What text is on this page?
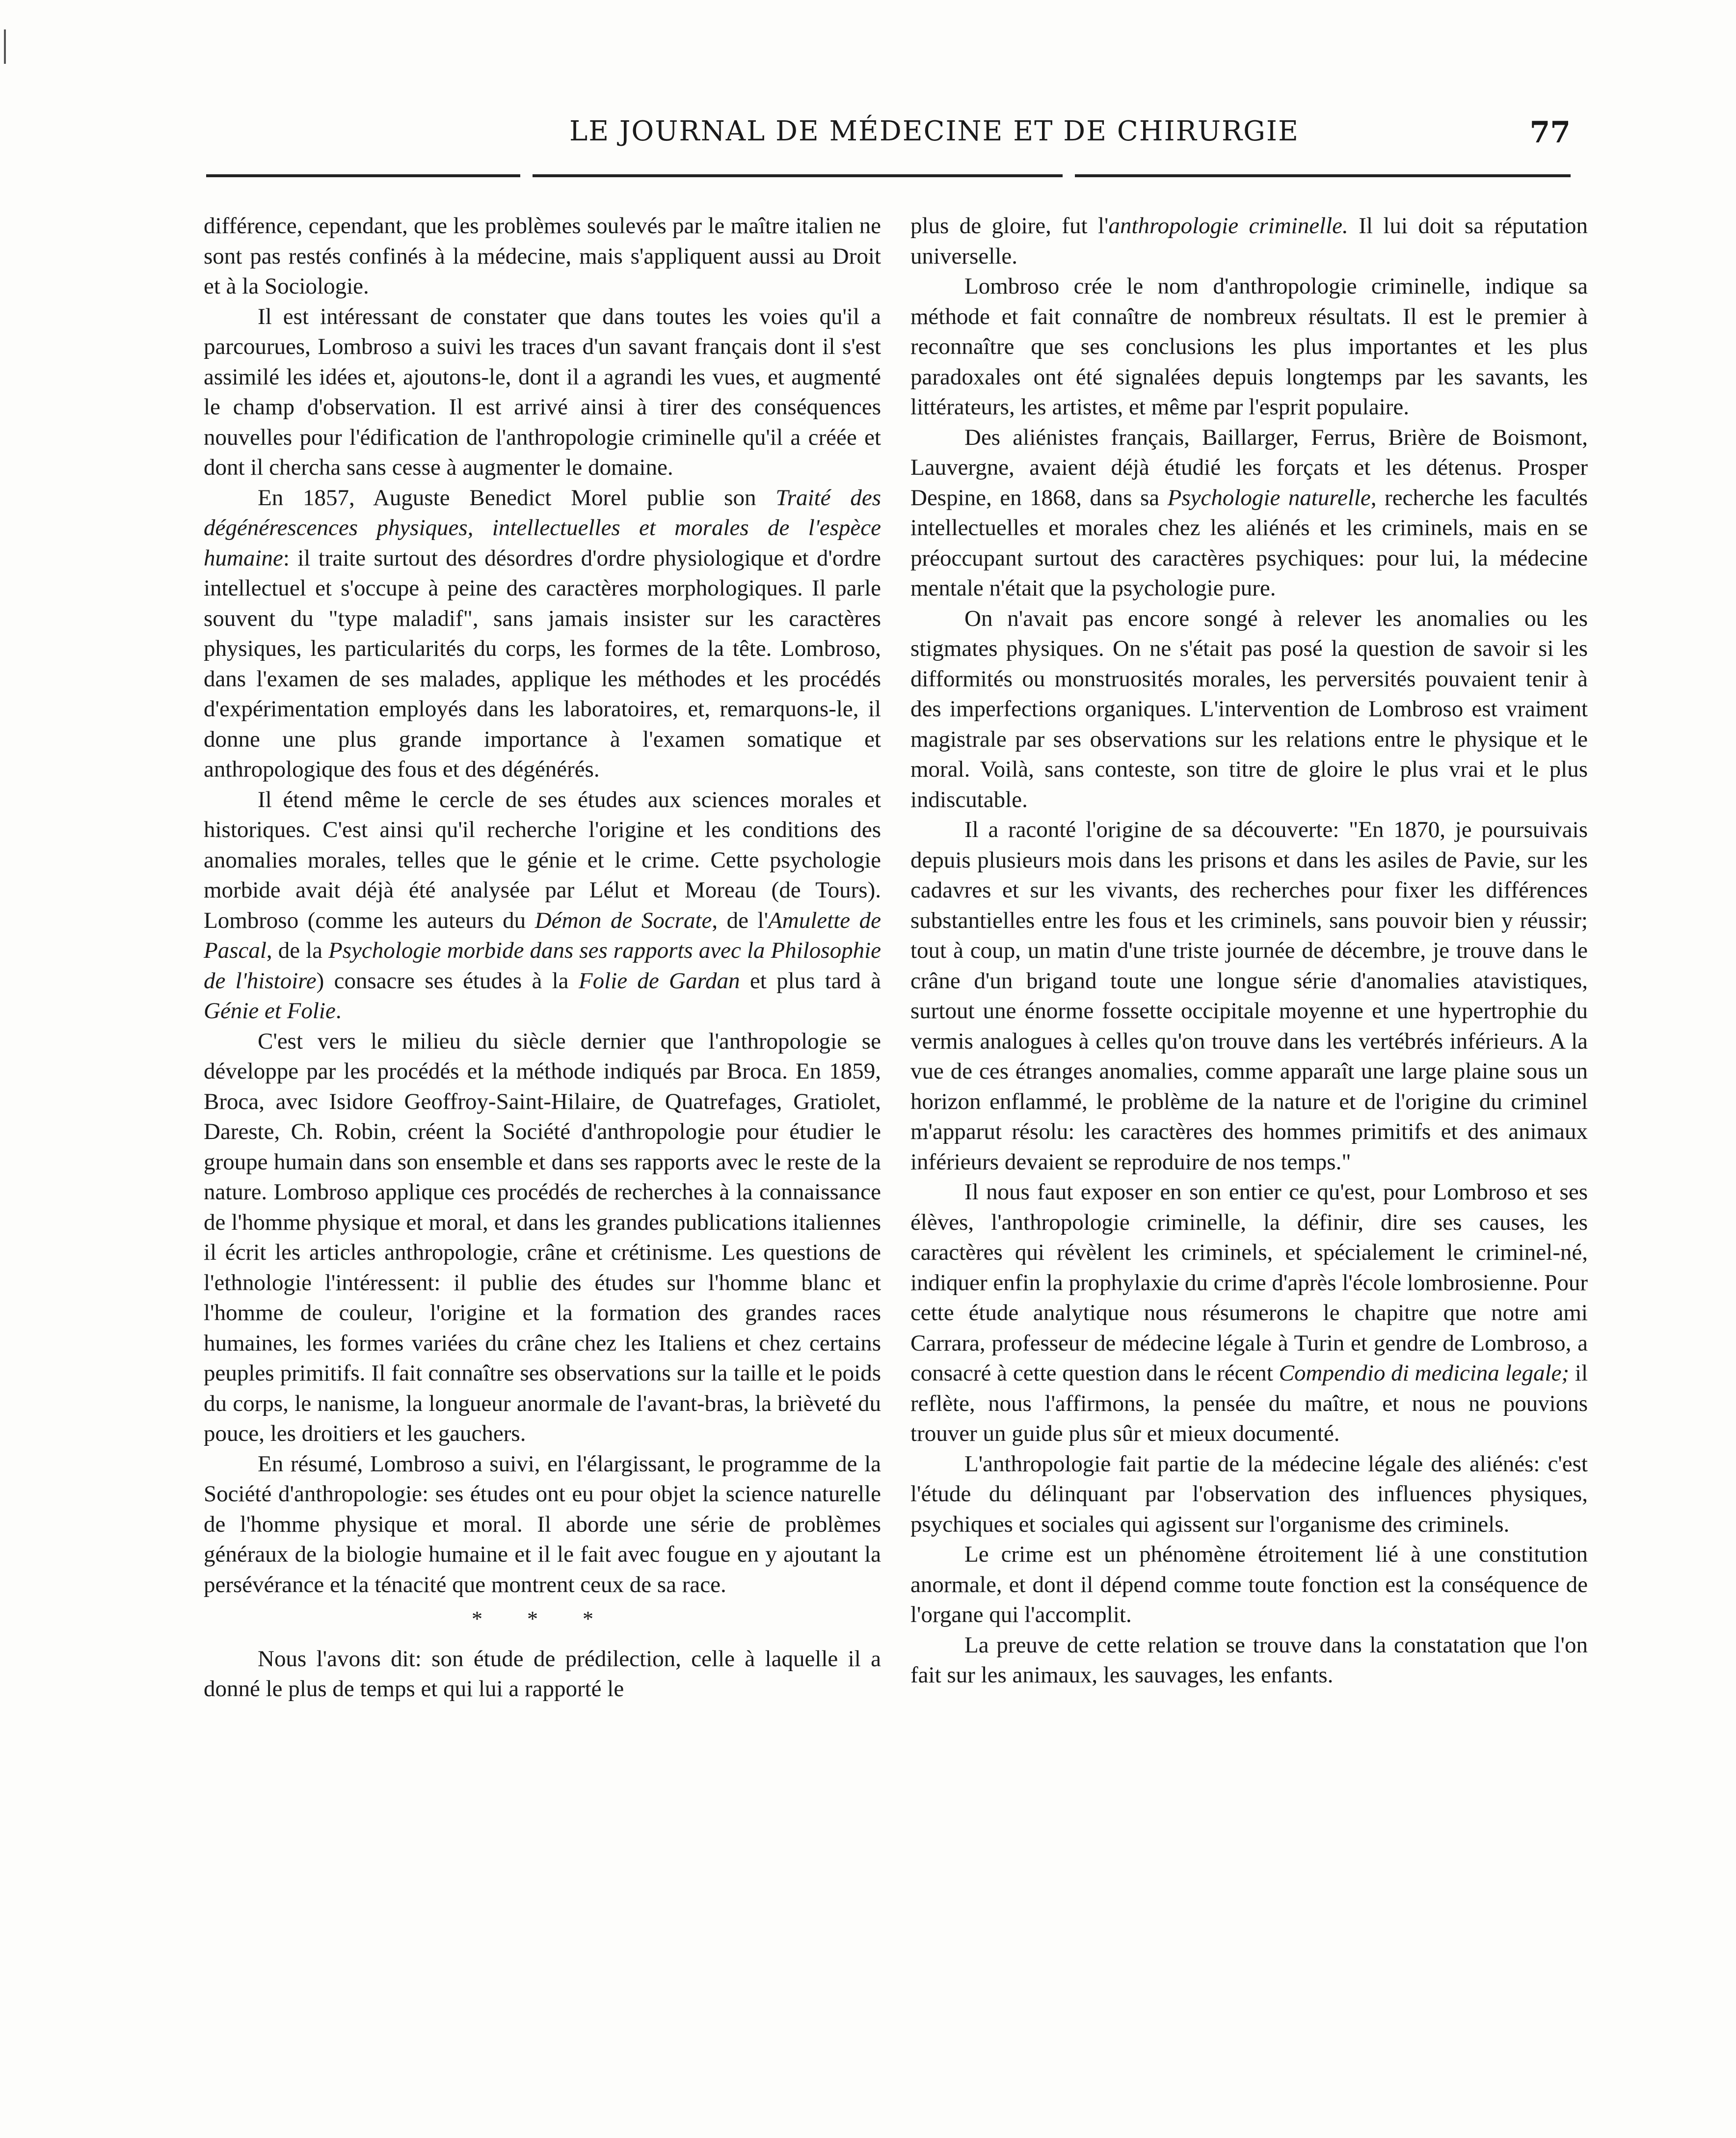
LE JOURNAL DE MÉDECINE ET DE CHIRURGIE	77

différence, cependant, que les problèmes soulevés par le maître italien ne sont pas restés confinés à la médecine, mais s'appliquent aussi au Droit et à la Sociologie.

Il est intéressant de constater que dans toutes les voies qu'il a parcourues, Lombroso a suivi les traces d'un savant français dont il s'est assimilé les idées et, ajoutons-le, dont il a agrandi les vues, et augmenté le champ d'observation. Il est arrivé ainsi à tirer des conséquences nouvelles pour l'édification de l'anthropologie criminelle qu'il a créée et dont il chercha sans cesse à augmenter le domaine.

En 1857, Auguste Benedict Morel publie son Traité des dégénérescences physiques, intellectuelles et morales de l'espèce humaine: il traite surtout des désordres d'ordre physiologique et d'ordre intellectuel et s'occupe à peine des caractères morphologiques. Il parle souvent du "type maladif", sans jamais insister sur les caractères physiques, les particularités du corps, les formes de la tête. Lombroso, dans l'examen de ses malades, applique les méthodes et les procédés d'expérimentation employés dans les laboratoires, et, remarquons-le, il donne une plus grande importance à l'examen somatique et anthropologique des fous et des dégénérés.

Il étend même le cercle de ses études aux sciences morales et historiques. C'est ainsi qu'il recherche l'origine et les conditions des anomalies morales, telles que le génie et le crime. Cette psychologie morbide avait déjà été analysée par Lélut et Moreau (de Tours). Lombroso (comme les auteurs du Démon de Socrate, de l'Amulette de Pascal, de la Psychologie morbide dans ses rapports avec la Philosophie de l'histoire) consacre ses études à la Folie de Gardan et plus tard à Génie et Folie.

C'est vers le milieu du siècle dernier que l'anthropologie se développe par les procédés et la méthode indiqués par Broca. En 1859, Broca, avec Isidore Geoffroy-Saint-Hilaire, de Quatrefages, Gratiolet, Dareste, Ch. Robin, créent la Société d'anthropologie pour étudier le groupe humain dans son ensemble et dans ses rapports avec le reste de la nature. Lombroso applique ces procédés de recherches à la connaissance de l'homme physique et moral, et dans les grandes publications italiennes il écrit les articles anthropologie, crâne et crétinisme. Les questions de l'ethnologie l'intéressent: il publie des études sur l'homme blanc et l'homme de couleur, l'origine et la formation des grandes races humaines, les formes variées du crâne chez les Italiens et chez certains peuples primitifs. Il fait connaître ses observations sur la taille et le poids du corps, le nanisme, la longueur anormale de l'avant-bras, la brièveté du pouce, les droitiers et les gauchers.

En résumé, Lombroso a suivi, en l'élargissant, le programme de la Société d'anthropologie: ses études ont eu pour objet la science naturelle de l'homme physique et moral. Il aborde une série de problèmes généraux de la biologie humaine et il le fait avec fougue en y ajoutant la persévérance et la ténacité que montrent ceux de sa race.

* * *

Nous l'avons dit: son étude de prédilection, celle à laquelle il a donné le plus de temps et qui lui a rapporté le

plus de gloire, fut l'anthropologie criminelle. Il lui doit sa réputation universelle.

Lombroso crée le nom d'anthropologie criminelle, indique sa méthode et fait connaître de nombreux résultats. Il est le premier à reconnaître que ses conclusions les plus importantes et les plus paradoxales ont été signalées depuis longtemps par les savants, les littérateurs, les artistes, et même par l'esprit populaire.

Des aliénistes français, Baillarger, Ferrus, Brière de Boismont, Lauvergne, avaient déjà étudié les forçats et les détenus. Prosper Despine, en 1868, dans sa Psychologie naturelle, recherche les facultés intellectuelles et morales chez les aliénés et les criminels, mais en se préoccupant surtout des caractères psychiques: pour lui, la médecine mentale n'était que la psychologie pure.

On n'avait pas encore songé à relever les anomalies ou les stigmates physiques. On ne s'était pas posé la question de savoir si les difformités ou monstruosités morales, les perversités pouvaient tenir à des imperfections organiques. L'intervention de Lombroso est vraiment magistrale par ses observations sur les relations entre le physique et le moral. Voilà, sans conteste, son titre de gloire le plus vrai et le plus indiscutable.

Il a raconté l'origine de sa découverte: "En 1870, je poursuivais depuis plusieurs mois dans les prisons et dans les asiles de Pavie, sur les cadavres et sur les vivants, des recherches pour fixer les différences substantielles entre les fous et les criminels, sans pouvoir bien y réussir; tout à coup, un matin d'une triste journée de décembre, je trouve dans le crâne d'un brigand toute une longue série d'anomalies atavistiques, surtout une énorme fossette occipitale moyenne et une hypertrophie du vermis analogues à celles qu'on trouve dans les vertébrés inférieurs. A la vue de ces étranges anomalies, comme apparaît une large plaine sous un horizon enflammé, le problème de la nature et de l'origine du criminel m'apparut résolu: les caractères des hommes primitifs et des animaux inférieurs devaient se reproduire de nos temps."

Il nous faut exposer en son entier ce qu'est, pour Lombroso et ses élèves, l'anthropologie criminelle, la définir, dire ses causes, les caractères qui révèlent les criminels, et spécialement le criminel-né, indiquer enfin la prophylaxie du crime d'après l'école lombrosienne. Pour cette étude analytique nous résumerons le chapitre que notre ami Carrara, professeur de médecine légale à Turin et gendre de Lombroso, a consacré à cette question dans le récent Compendio di medicina legale; il reflète, nous l'affirmons, la pensée du maître, et nous ne pouvions trouver un guide plus sûr et mieux documenté.

L'anthropologie fait partie de la médecine légale des aliénés: c'est l'étude du délinquant par l'observation des influences physiques, psychiques et sociales qui agissent sur l'organisme des criminels.

Le crime est un phénomène étroitement lié à une constitution anormale, et dont il dépend comme toute fonction est la conséquence de l'organe qui l'accomplit.

La preuve de cette relation se trouve dans la constatation que l'on fait sur les animaux, les sauvages, les enfants.
